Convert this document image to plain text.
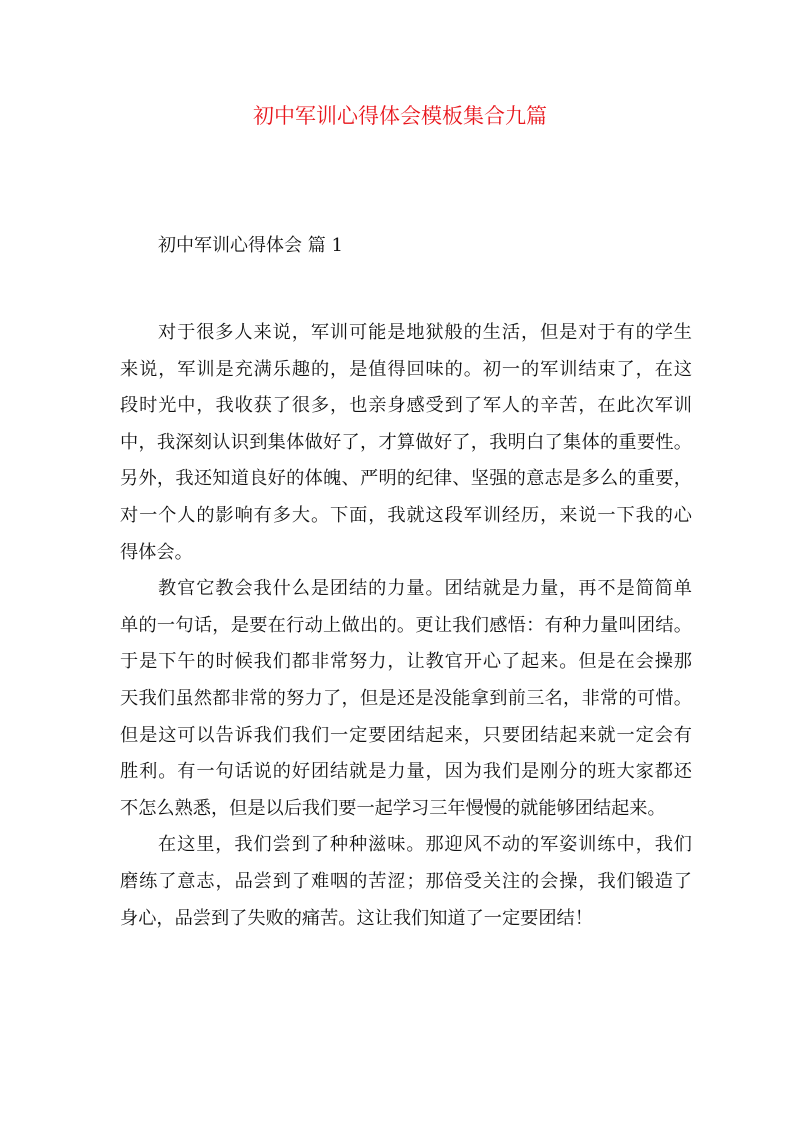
初中军训心得体会模板集合九篇
初中军训心得体会 篇 1
对于很多人来说，军训可能是地狱般的生活，但是对于有的学生
来说，军训是充满乐趣的，是值得回味的。初一的军训结束了，在这
段时光中，我收获了很多，也亲身感受到了军人的辛苦，在此次军训
中，我深刻认识到集体做好了，才算做好了，我明白了集体的重要性。
另外，我还知道良好的体魄、严明的纪律、坚强的意志是多么的重要，
对一个人的影响有多大。下面，我就这段军训经历，来说一下我的心
得体会。
教官它教会我什么是团结的力量。团结就是力量，再不是简简单
单的一句话，是要在行动上做出的。更让我们感悟：有种力量叫团结。
于是下午的时候我们都非常努力，让教官开心了起来。但是在会操那
天我们虽然都非常的努力了，但是还是没能拿到前三名，非常的可惜。
但是这可以告诉我们我们一定要团结起来，只要团结起来就一定会有
胜利。有一句话说的好团结就是力量，因为我们是刚分的班大家都还
不怎么熟悉，但是以后我们要一起学习三年慢慢的就能够团结起来。
在这里，我们尝到了种种滋味。那迎风不动的军姿训练中，我们
磨练了意志，品尝到了难咽的苦涩；那倍受关注的会操，我们锻造了
身心，品尝到了失败的痛苦。这让我们知道了一定要团结！
